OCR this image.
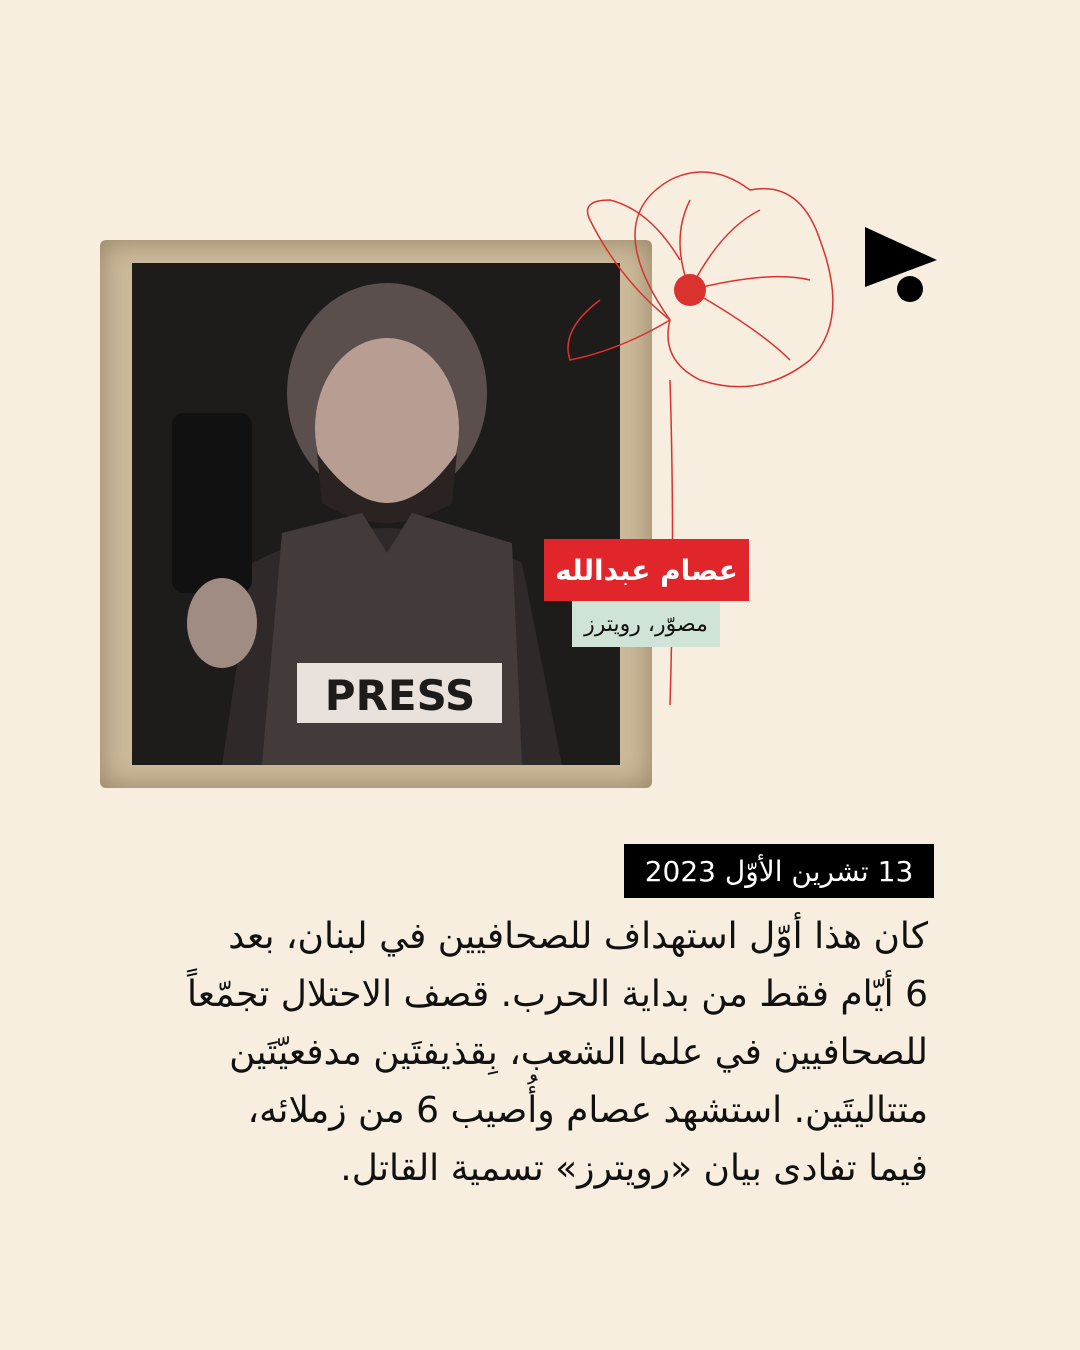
PRESS
عصام عبدالله
مصوّر، رويترز
13 تشرين الأوّل 2023
كان هذا أوّل استهداف للصحافيين في لبنان، بعد
6 أيّام فقط من بداية الحرب. قصف الاحتلال تجمّعاً
للصحافيين في علما الشعب، بِقذيفتَين مدفعيّتَين
متتاليتَين. استشهد عصام وأُصيب 6 من زملائه،
فيما تفادى بيان «رويترز» تسمية القاتل.
